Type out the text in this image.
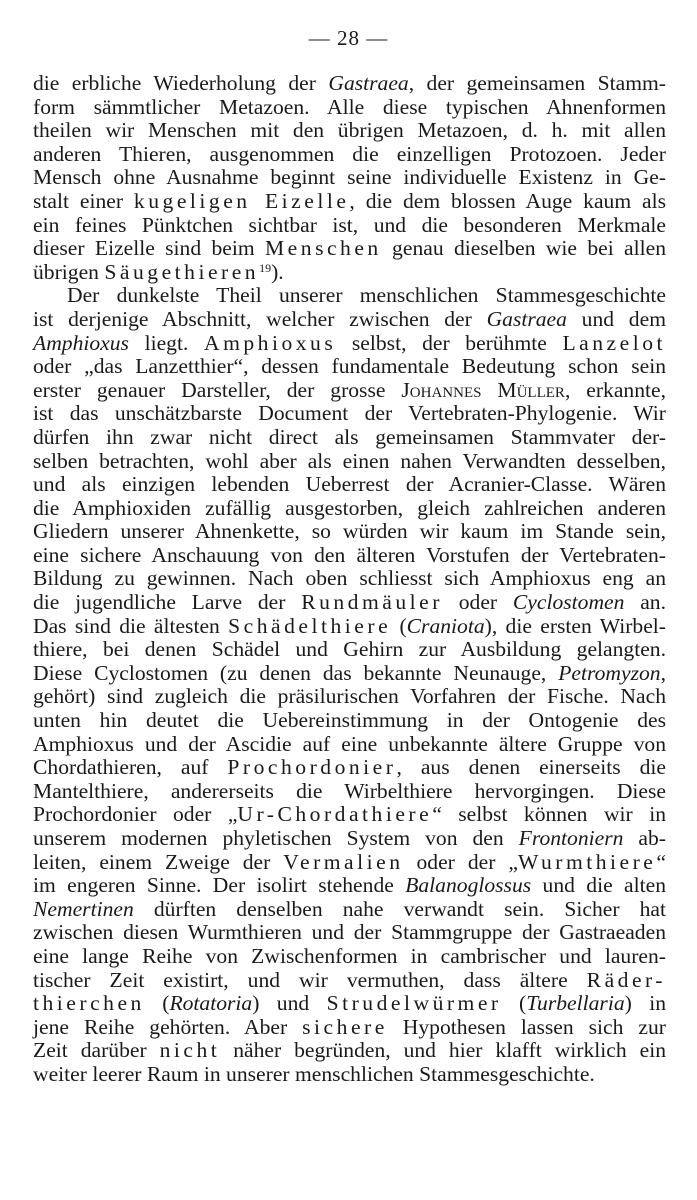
— 28 —
die erbliche Wiederholung der Gastraea, der gemeinsamen Stamm-
form sämmtlicher Metazoen. Alle diese typischen Ahnenformen
theilen wir Menschen mit den übrigen Metazoen, d. h. mit allen
anderen Thieren, ausgenommen die einzelligen Protozoen. Jeder
Mensch ohne Ausnahme beginnt seine individuelle Existenz in Ge-
stalt einer kugeligen Eizelle, die dem blossen Auge kaum als
ein feines Pünktchen sichtbar ist, und die besonderen Merkmale
dieser Eizelle sind beim Menschen genau dieselben wie bei allen
übrigen Säugethieren$^{19}$).
Der dunkelste Theil unserer menschlichen Stammesgeschichte
ist derjenige Abschnitt, welcher zwischen der Gastraea und dem
Amphioxus liegt. Amphioxus selbst, der berühmte Lanzelot
oder „das Lanzetthier“, dessen fundamentale Bedeutung schon sein
erster genauer Darsteller, der grosse Johannes Müller, erkannte,
ist das unschätzbarste Document der Vertebraten-Phylogenie. Wir
dürfen ihn zwar nicht direct als gemeinsamen Stammvater der-
selben betrachten, wohl aber als einen nahen Verwandten desselben,
und als einzigen lebenden Ueberrest der Acranier-Classe. Wären
die Amphioxiden zufällig ausgestorben, gleich zahlreichen anderen
Gliedern unserer Ahnenkette, so würden wir kaum im Stande sein,
eine sichere Anschauung von den älteren Vorstufen der Vertebraten-
Bildung zu gewinnen. Nach oben schliesst sich Amphioxus eng an
die jugendliche Larve der Rundmäuler oder Cyclostomen an.
Das sind die ältesten Schädelthiere (Craniota), die ersten Wirbel-
thiere, bei denen Schädel und Gehirn zur Ausbildung gelangten.
Diese Cyclostomen (zu denen das bekannte Neunauge, Petromyzon,
gehört) sind zugleich die präsilurischen Vorfahren der Fische. Nach
unten hin deutet die Uebereinstimmung in der Ontogenie des
Amphioxus und der Ascidie auf eine unbekannte ältere Gruppe von
Chordathieren, auf Prochordonier, aus denen einerseits die
Mantelthiere, andererseits die Wirbelthiere hervorgingen. Diese
Prochordonier oder „Ur-Chordathiere“ selbst können wir in
unserem modernen phyletischen System von den Frontoniern ab-
leiten, einem Zweige der Vermalien oder der „Wurmthiere“
im engeren Sinne. Der isolirt stehende Balanoglossus und die alten
Nemertinen dürften denselben nahe verwandt sein. Sicher hat
zwischen diesen Wurmthieren und der Stammgruppe der Gastraeaden
eine lange Reihe von Zwischenformen in cambrischer und lauren-
tischer Zeit existirt, und wir vermuthen, dass ältere Räder-
thierchen (Rotatoria) und Strudelwürmer (Turbellaria) in
jene Reihe gehörten. Aber sichere Hypothesen lassen sich zur
Zeit darüber nicht näher begründen, und hier klafft wirklich ein
weiter leerer Raum in unserer menschlichen Stammesgeschichte.
